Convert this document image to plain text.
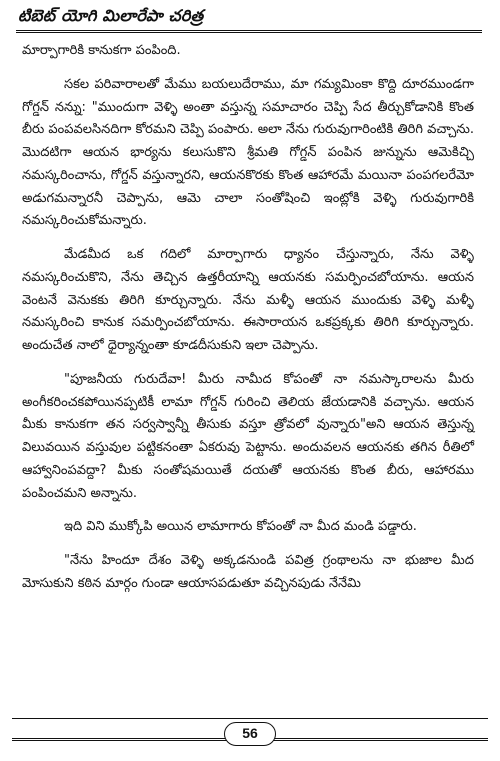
టిబెట్ యోగి మిలారేపా చరిత్ర

మార్పాగారికి కానుకగా పంపింది.

సకల పరివారాలతో మేము బయలుదేరాము, మా గమ్యమింకా కొద్ది దూరముండగా గోగ్డన్ నన్ను: "ముందుగా వెళ్ళి అంతా వస్తున్న సమాచారం చెప్పి సేద తీర్చుకోడానికి కొంత బీరు పంపవలసినదిగా కోరమని చెప్పి పంపారు. అలా నేను గురువుగారింటికి తిరిగి వచ్చాను. మొదటిగా ఆయన భార్యను కలుసుకొని శ్రీమతి గోగ్డన్ పంపిన జున్నును ఆమెకిచ్చి నమస్కరించాను, గోగ్డన్ వస్తున్నారని, ఆయనకొరకు కొంత ఆహారమే మయినా పంపగలరేమో అడుగమన్నారనీ చెప్పాను, ఆమె చాలా సంతోషించి ఇంట్లోకి వెళ్ళి గురువుగారికి నమస్కరించుకోమన్నారు.

మేడమీద ఒక గదిలో మార్పాగారు ధ్యానం చేస్తున్నారు, నేను వెళ్ళి నమస్కరించుకొని, నేను తెచ్చిన ఉత్తరీయాన్ని ఆయనకు సమర్పించబోయాను. ఆయన వెంటనే వెనుకకు తిరిగి కూర్చున్నారు. నేను మళ్ళీ ఆయన ముందుకు వెళ్ళి మళ్ళీ నమస్కరించి కానుక సమర్పించబోయాను. ఈసారాయన ఒకప్రక్కకు తిరిగి కూర్చున్నారు. అందుచేత నాలో ధైర్యాన్నంతా కూడదీసుకుని ఇలా చెప్పాను.

"పూజనీయ గురుదేవా! మీరు నామీద కోపంతో నా నమస్కారాలను మీరు అంగీకరించకపోయినప్పటికీ లామా గోగ్డన్ గురించి తెలియ జేయడానికి వచ్చాను. ఆయన మీకు కానుకగా తన సర్వస్వాన్నీ తీసుకు వస్తూ త్రోవలో వున్నారు"అని ఆయన తెస్తున్న విలువయిన వస్తువుల పట్టికనంతా ఏకరువు పెట్టాను. అందువలన ఆయనకు తగిన రీతిలో ఆహ్వానింపవద్దా? మీకు సంతోషమయితే దయతో ఆయనకు కొంత బీరు, ఆహారము పంపించమని అన్నాను.

ఇది విని ముక్కోపి అయిన లామాగారు కోపంతో నా మీద మండి పడ్డారు.

"నేను హిందూ దేశం వెళ్ళి అక్కడనుండి పవిత్ర గ్రంథాలను నా భుజాల మీద మోసుకుని కఠిన మార్గం గుండా ఆయాసపడుతూ వచ్చినపుడు నేనేమి

56
